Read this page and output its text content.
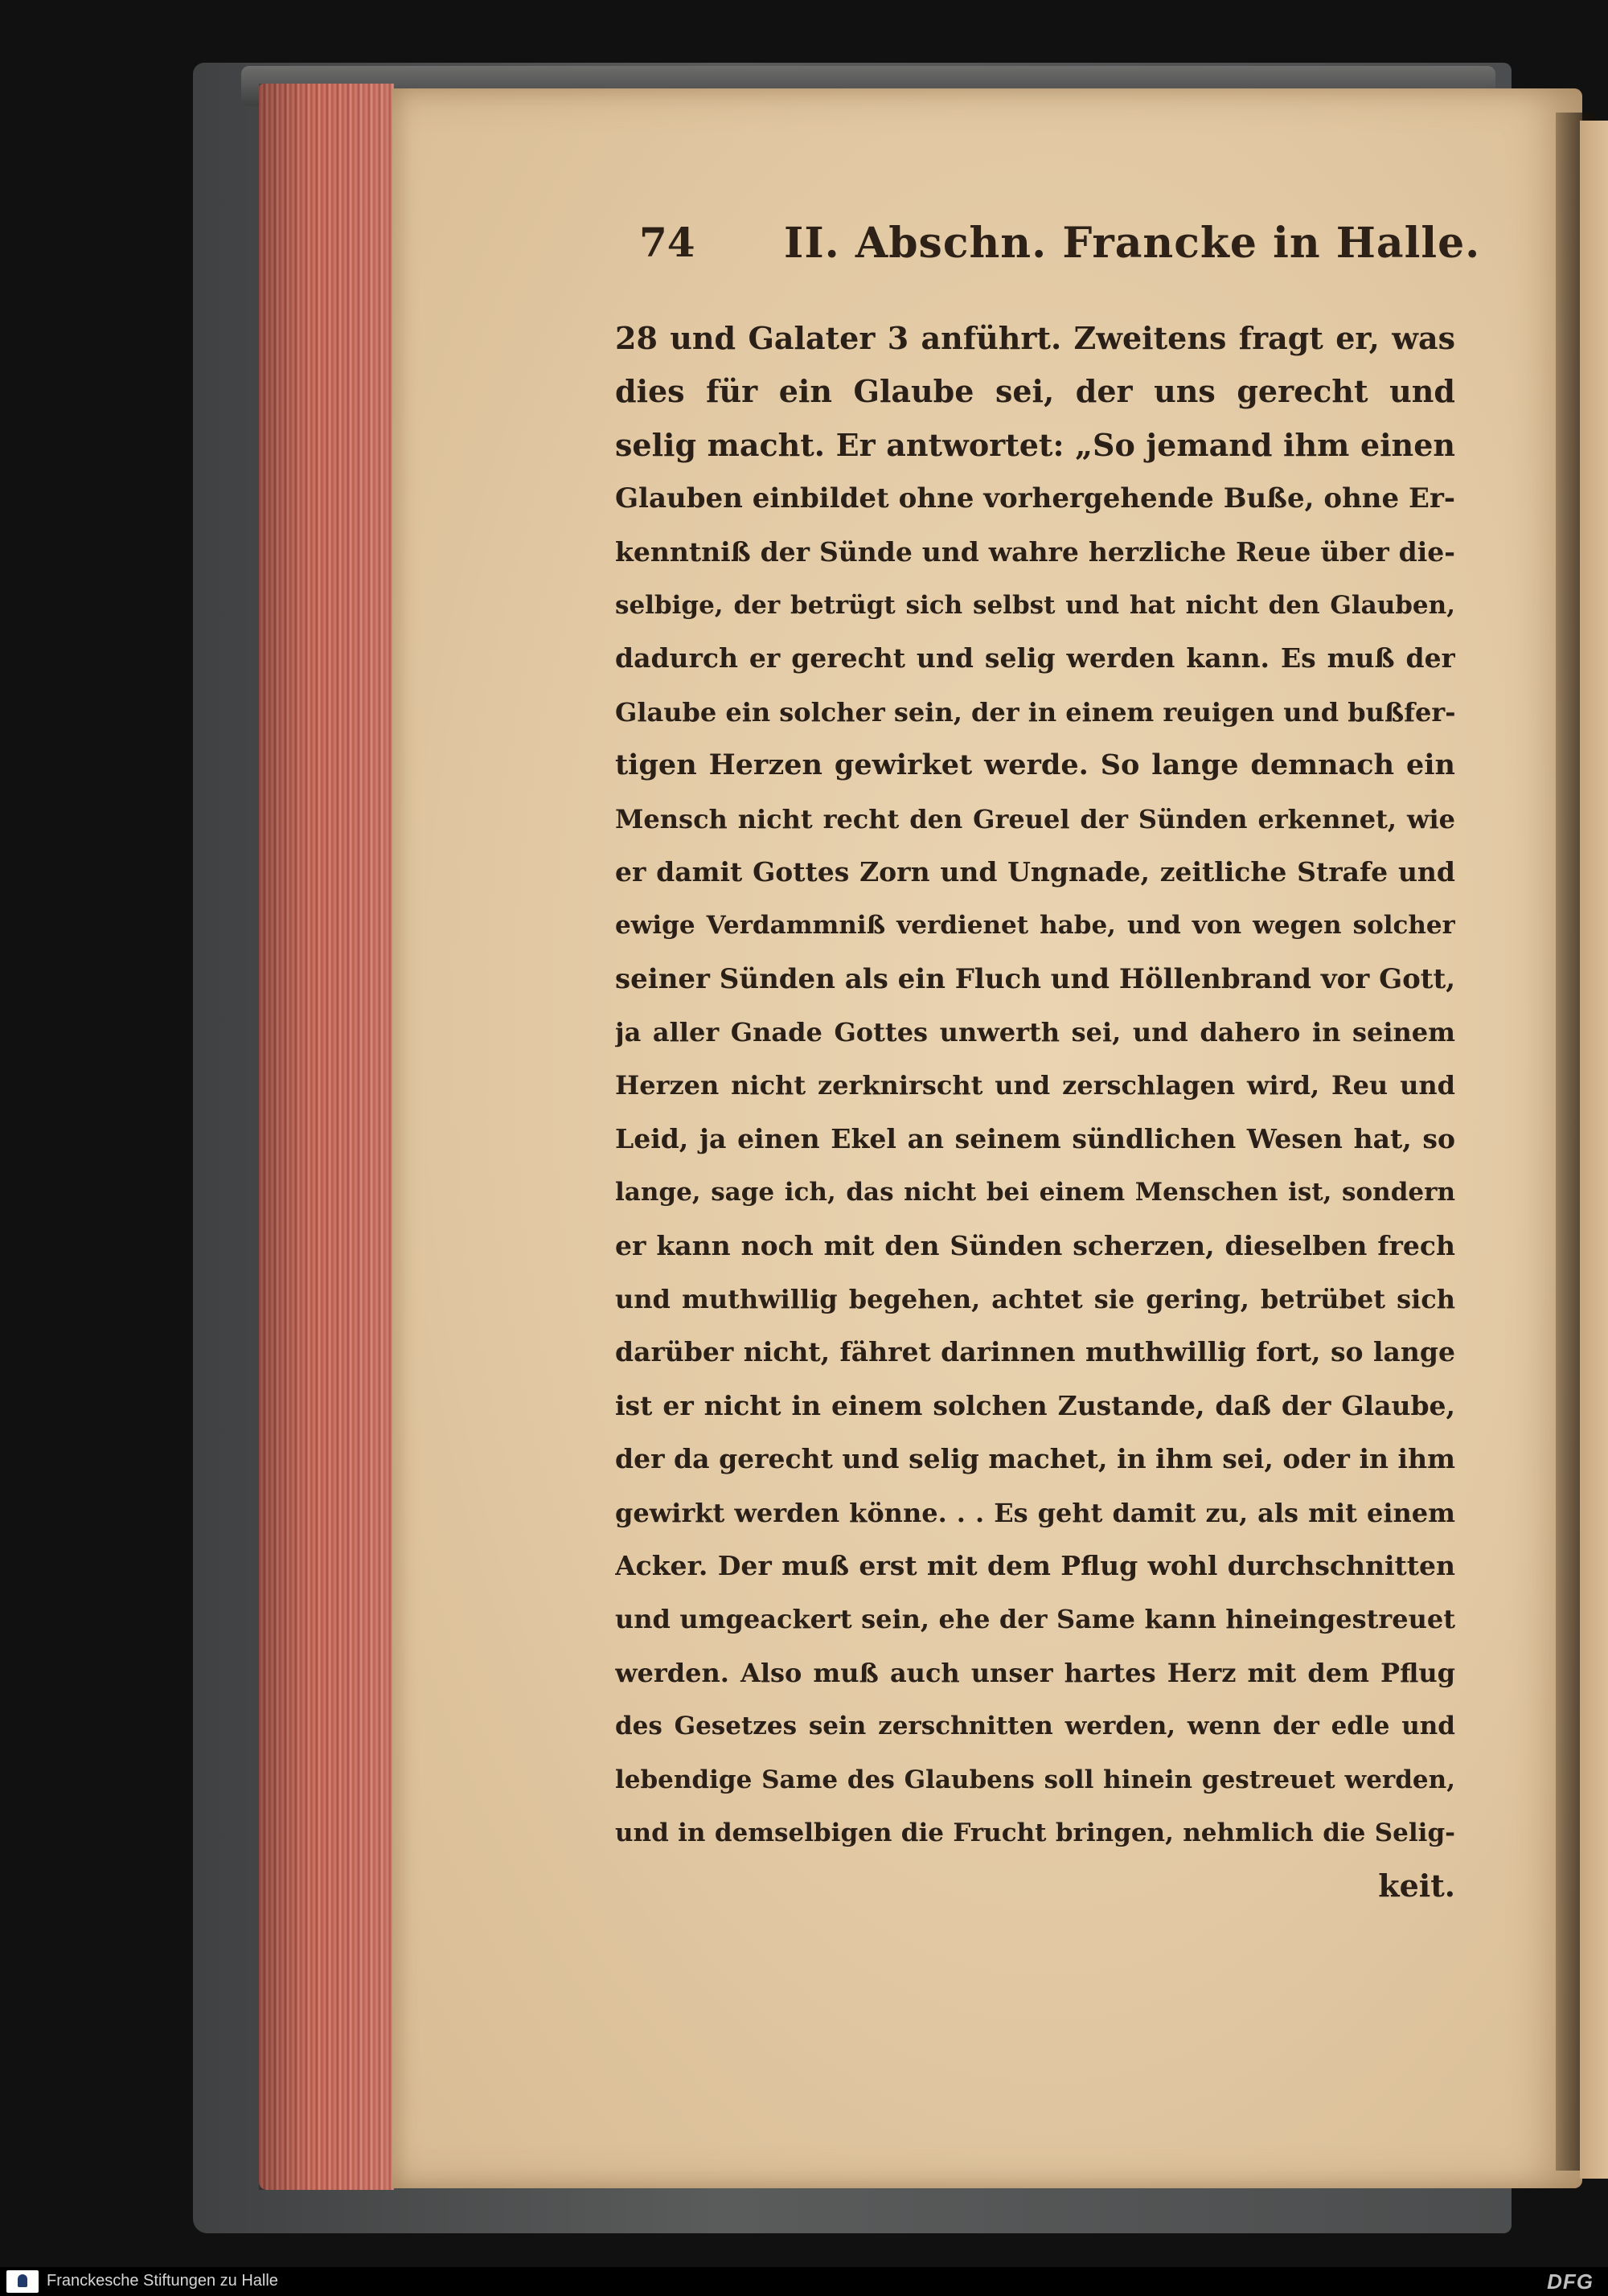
74 II. Abschn. Francke in Halle.
28 und Galater 3 anführt. Zweitens fragt er, was
dies für ein Glaube sei, der uns gerecht und
selig macht. Er antwortet: „So jemand ihm einen
Glauben einbildet ohne vorhergehende Buße, ohne Er-
kenntniß der Sünde und wahre herzliche Reue über die-
selbige, der betrügt sich selbst und hat nicht den Glauben,
dadurch er gerecht und selig werden kann. Es muß der
Glaube ein solcher sein, der in einem reuigen und bußfer-
tigen Herzen gewirket werde. So lange demnach ein
Mensch nicht recht den Greuel der Sünden erkennet, wie
er damit Gottes Zorn und Ungnade, zeitliche Strafe und
ewige Verdammniß verdienet habe, und von wegen solcher
seiner Sünden als ein Fluch und Höllenbrand vor Gott,
ja aller Gnade Gottes unwerth sei, und dahero in seinem
Herzen nicht zerknirscht und zerschlagen wird, Reu und
Leid, ja einen Ekel an seinem sündlichen Wesen hat, so
lange, sage ich, das nicht bei einem Menschen ist, sondern
er kann noch mit den Sünden scherzen, dieselben frech
und muthwillig begehen, achtet sie gering, betrübet sich
darüber nicht, fähret darinnen muthwillig fort, so lange
ist er nicht in einem solchen Zustande, daß der Glaube,
der da gerecht und selig machet, in ihm sei, oder in ihm
gewirkt werden könne. . . Es geht damit zu, als mit einem
Acker. Der muß erst mit dem Pflug wohl durchschnitten
und umgeackert sein, ehe der Same kann hineingestreuet
werden. Also muß auch unser hartes Herz mit dem Pflug
des Gesetzes sein zerschnitten werden, wenn der edle und
lebendige Same des Glaubens soll hinein gestreuet werden,
und in demselbigen die Frucht bringen, nehmlich die Selig-
keit.
Franckesche Stiftungen zu Halle	DFG
